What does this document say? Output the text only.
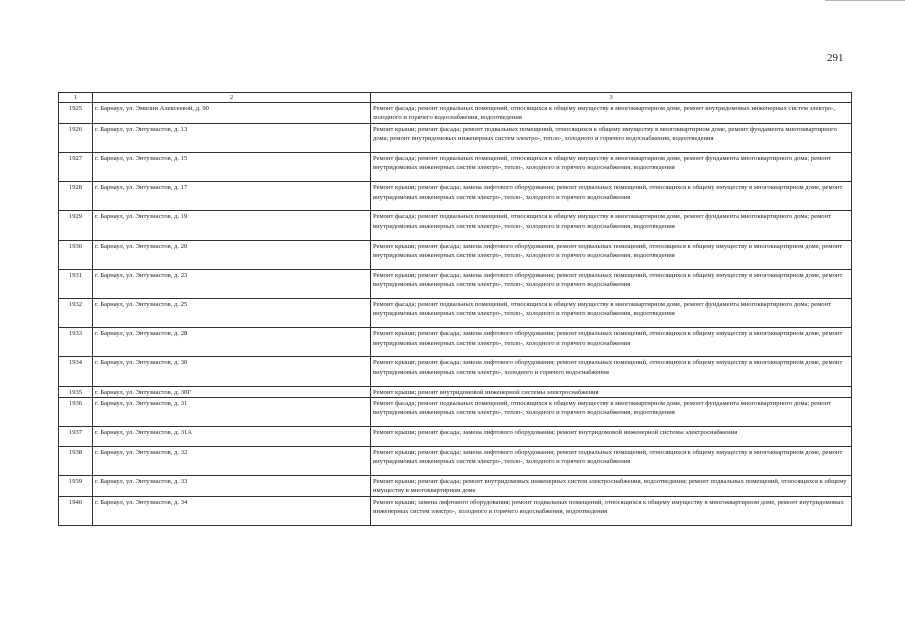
291
1	2	3
1925	г. Барнаул, ул. Эмилии Алексеевой, д. 90	Ремонт фасада; ремонт подвальных помещений, относящихся к общему имуществу в многоквартирном доме, ремонт внутридомовых инженерных систем электро-, холодного и горячего водоснабжения, водоотведения
1926	г. Барнаул, ул. Энтузиастов, д. 13	Ремонт крыши; ремонт фасада; ремонт подвальных помещений, относящихся к общему имуществу в многоквартирном доме, ремонт фундамента многоквартирного дома; ремонт внутридомовых инженерных систем электро-, тепло-, холодного и горячего водоснабжения, водоотведения
1927	г. Барнаул, ул. Энтузиастов, д. 15	Ремонт фасада; ремонт подвальных помещений, относящихся к общему имуществу в многоквартирном доме, ремонт фундамента многоквартирного дома; ремонт внутридомовых инженерных систем электро-, тепло-, холодного и горячего водоснабжения, водоотведения
1928	г. Барнаул, ул. Энтузиастов, д. 17	Ремонт крыши; ремонт фасада; замена лифтового оборудования; ремонт подвальных помещений, относящихся к общему имуществу в многоквартирном доме, ремонт внутридомовых инженерных систем электро-, тепло-, холодного и горячего водоснабжения
1929	г. Барнаул, ул. Энтузиастов, д. 19	Ремонт фасада; ремонт подвальных помещений, относящихся к общему имуществу в многоквартирном доме, ремонт фундамента многоквартирного дома; ремонт внутридомовых инженерных систем электро-, тепло-, холодного и горячего водоснабжения, водоотведения
1930	г. Барнаул, ул. Энтузиастов, д. 20	Ремонт крыши; ремонт фасада; замена лифтового оборудования, ремонт подвальных помещений, относящихся к общему имуществу в многоквартирном доме, ремонт внутридомовых инженерных систем электро-, тепло-, холодного и горячего водоснабжения, водоотведения
1931	г. Барнаул, ул. Энтузиастов, д. 23	Ремонт крыши; ремонт фасада; замена лифтового оборудования; ремонт подвальных помещений, относящихся к общему имуществу в многоквартирном доме, ремонт внутридомовых инженерных систем электро-, тепло-, холодного и горячего водоснабжения
1932	г. Барнаул, ул. Энтузиастов, д. 25	Ремонт фасада; ремонт подвальных помещений, относящихся к общему имуществу в многоквартирном доме, ремонт фундамента многоквартирного дома; ремонт внутридомовых инженерных систем электро-, тепло-, холодного и горячего водоснабжения, водоотведения
1933	г. Барнаул, ул. Энтузиастов, д. 28	Ремонт крыши; ремонт фасада; замена лифтового оборудования; ремонт подвальных помещений, относящихся к общему имуществу в многоквартирном доме, ремонт внутридомовых инженерных систем электро-, тепло-, холодного и горячего водоснабжения
1934	г. Барнаул, ул. Энтузиастов, д. 30	Ремонт крыши; ремонт фасада; замена лифтового оборудования; ремонт подвальных помещений, относящихся к общему имуществу в многоквартирном доме, ремонт внутридомовых инженерных систем электро-, холодного и горячего водоснабжения
1935	г. Барнаул, ул. Энтузиастов, д. 30Г	Ремонт крыши; ремонт внутридомовой инженерной системы электроснабжения
1936	г. Барнаул, ул. Энтузиастов, д. 31	Ремонт фасада; ремонт подвальных помещений, относящихся к общему имуществу в многоквартирном доме, ремонт фундамента многоквартирного дома; ремонт внутридомовых инженерных систем электро-, тепло-, холодного и горячего водоснабжения, водоотведения
1937	г. Барнаул, ул. Энтузиастов, д. 31А	Ремонт крыши; ремонт фасада; замена лифтового оборудования; ремонт внутридомовой инженерной системы электроснабжения
1938	г. Барнаул, ул. Энтузиастов, д. 32	Ремонт крыши; ремонт фасада; замена лифтового оборудования; ремонт подвальных помещений, относящихся к общему имуществу в многоквартирном доме, ремонт внутридомовых инженерных систем электро-, тепло-, холодного и горячего водоснабжения
1939	г. Барнаул, ул. Энтузиастов, д. 33	Ремонт крыши; ремонт фасада; ремонт внутридомовых инженерных систем электроснабжения, водоотведения; ремонт подвальных помещений, относящихся к общему имуществу в многоквартирном доме
1940	г. Барнаул, ул. Энтузиастов, д. 34	Ремонт крыши; замена лифтового оборудования; ремонт подвальных помещений, относящихся к общему имуществу в многоквартирном доме, ремонт внутридомовых инженерных систем электро-, холодного и горячего водоснабжения, водоотведения
